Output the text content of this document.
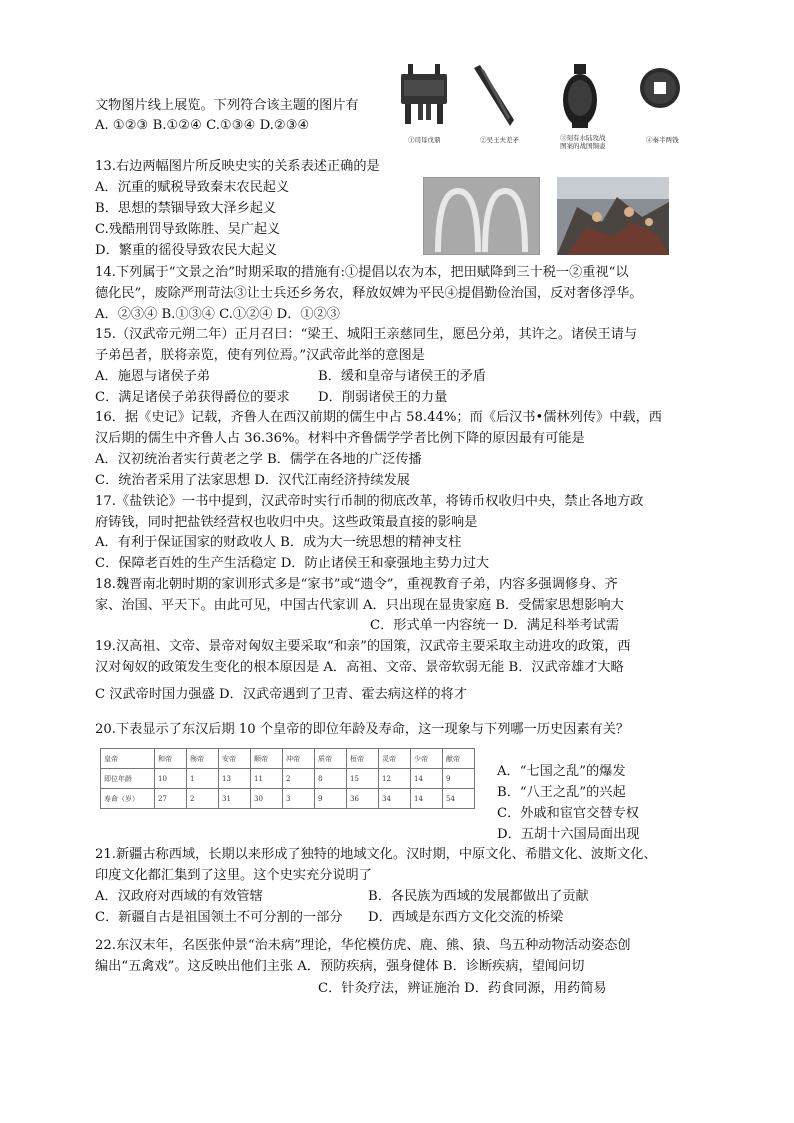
文物图片线上展览。下列符合该主题的图片有
A. ①②③ B.①②④ C.①③④ D.②③④
①司母戊鼎	②吴王夫差矛	③刻有水陆攻战
图案的战国铜壶
④秦半两钱
13.右边两幅图片所反映史实的关系表述正确的是
A．沉重的赋税导致秦末农民起义
B．思想的禁锢导致大泽乡起义
C.残酷刑罚导致陈胜、吴广起义
D．繁重的徭役导致农民大起义
14.下列属于“文景之治”时期采取的措施有:①提倡以农为本，把田赋降到三十税一②重视“以
德化民”，废除严刑苛法③让士兵还乡务农，释放奴婢为平民④提倡勤俭治国，反对奢侈浮华。
A．②③④ B.①③④ C.①②④ D．①②③
15.（汉武帝元朔二年）正月召曰：“梁王、城阳王亲慈同生，愿邑分弟，其许之。诸侯王请与
子弟邑者，朕将亲览，使有列位焉。”汉武帝此举的意图是
A．施恩与诸侯子弟	B．缓和皇帝与诸侯王的矛盾
C．满足诸侯子弟获得爵位的要求 D．削弱诸侯王的力量
16．据《史记》记载，齐鲁人在西汉前期的儒生中占 58.44%；而《后汉书•儒林列传》中载，西
汉后期的儒生中齐鲁人占 36.36%。材料中齐鲁儒学学者比例下降的原因最有可能是
A．汉初统治者实行黄老之学 B．儒学在各地的广泛传播
C．统治者采用了法家思想 D．汉代江南经济持续发展
17.《盐铁论》一书中提到，汉武帝时实行币制的彻底改革，将铸币权收归中央，禁止各地方政
府铸钱，同时把盐铁经营权也收归中央。这些政策最直接的影响是
A．有利于保证国家的财政收人 B．成为大一统思想的精神支柱
C．保障老百姓的生产生活稳定 D．防止诸侯王和豪强地主势力过大
18.魏晋南北朝时期的家训形式多是“家书”或“遗令”，重视教育子弟，内容多强调修身、齐
家、治国、平天下。由此可见，中国古代家训 A．只出现在显贵家庭 B．受儒家思想影响大
C．形式单一内容统一 D．满足科举考试需
19.汉高祖、文帝、景帝对匈奴主要采取“和亲”的国策，汉武帝主要采取主动进攻的政策，西
汉对匈奴的政策发生变化的根本原因是 A．高祖、文帝、景帝软弱无能 B．汉武帝雄才大略
C 汉武帝时国力强盛 D．汉武帝遇到了卫青、霍去病这样的将才
20.下表显示了东汉后期 10 个皇帝的即位年龄及寿命，这一现象与下列哪一历史因素有关？
皇帝	和帝	殇帝	安帝	顺帝	冲帝	质帝	桓帝	灵帝	少帝	献帝
即位年龄	10	1	13	11	2	8	15	12	14	9
寿命（岁）	27	2	31	30	3	9	36	34	14	54
A．“七国之乱”的爆发
B．“八王之乱”的兴起
C．外戚和宦官交替专权
D．五胡十六国局面出现
21.新疆古称西域，长期以来形成了独特的地域文化。汉时期，中原文化、希腊文化、波斯文化、
印度文化都汇集到了这里。这个史实充分说明了
A．汉政府对西域的有效管辖	B．各民族为西域的发展都做出了贡献
C．新疆自古是祖国领土不可分割的一部分 D．西域是东西方文化交流的桥梁
22.东汉末年，名医张仲景“治未病”理论，华佗模仿虎、鹿、熊、猿、鸟五种动物活动姿态创
编出“五禽戏”。这反映出他们主张 A．预防疾病，强身健体 B．诊断疾病，望闻问切
C．针灸疗法，辨证施治 D．药食同源，用药简易
